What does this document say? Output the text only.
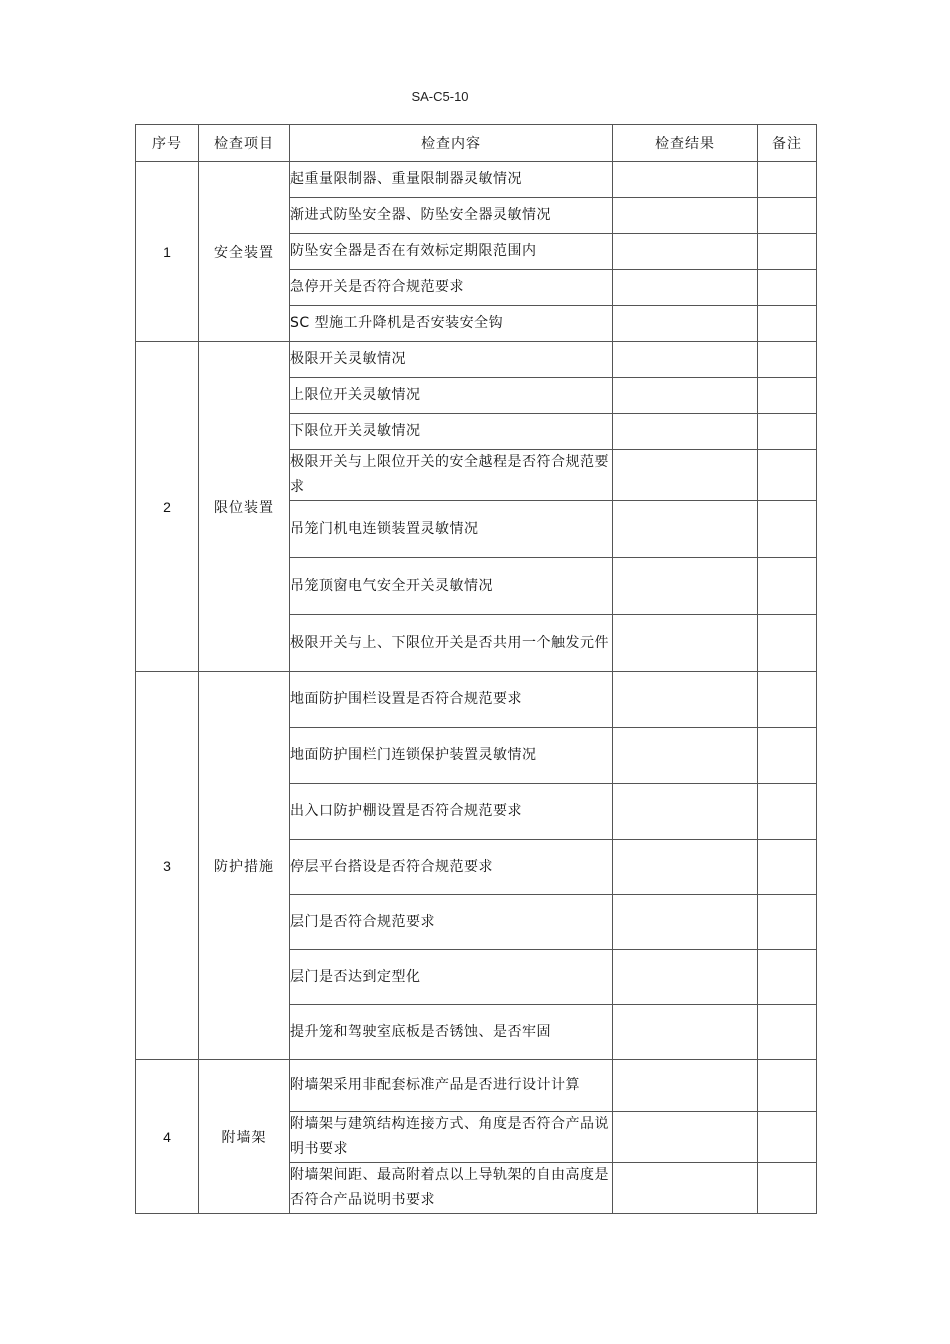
SA-C5-10
序号	检查项目	检查内容	检查结果	备注
1	安全装置	起重量限制器、重量限制器灵敏情况		
		渐进式防坠安全器、防坠安全器灵敏情况		
		防坠安全器是否在有效标定期限范围内		
		急停开关是否符合规范要求		
		SC 型施工升降机是否安装安全钩		
2	限位装置	极限开关灵敏情况		
		上限位开关灵敏情况		
		下限位开关灵敏情况		
		极限开关与上限位开关的安全越程是否符合规范要求		
		吊笼门机电连锁装置灵敏情况		
		吊笼顶窗电气安全开关灵敏情况		
		极限开关与上、下限位开关是否共用一个触发元件		
3	防护措施	地面防护围栏设置是否符合规范要求		
		地面防护围栏门连锁保护装置灵敏情况		
		出入口防护棚设置是否符合规范要求		
		停层平台搭设是否符合规范要求		
		层门是否符合规范要求		
		层门是否达到定型化		
		提升笼和驾驶室底板是否锈蚀、是否牢固		
4	附墙架	附墙架采用非配套标准产品是否进行设计计算		
		附墙架与建筑结构连接方式、角度是否符合产品说明书要求		
		附墙架间距、最高附着点以上导轨架的自由高度是否符合产品说明书要求		
